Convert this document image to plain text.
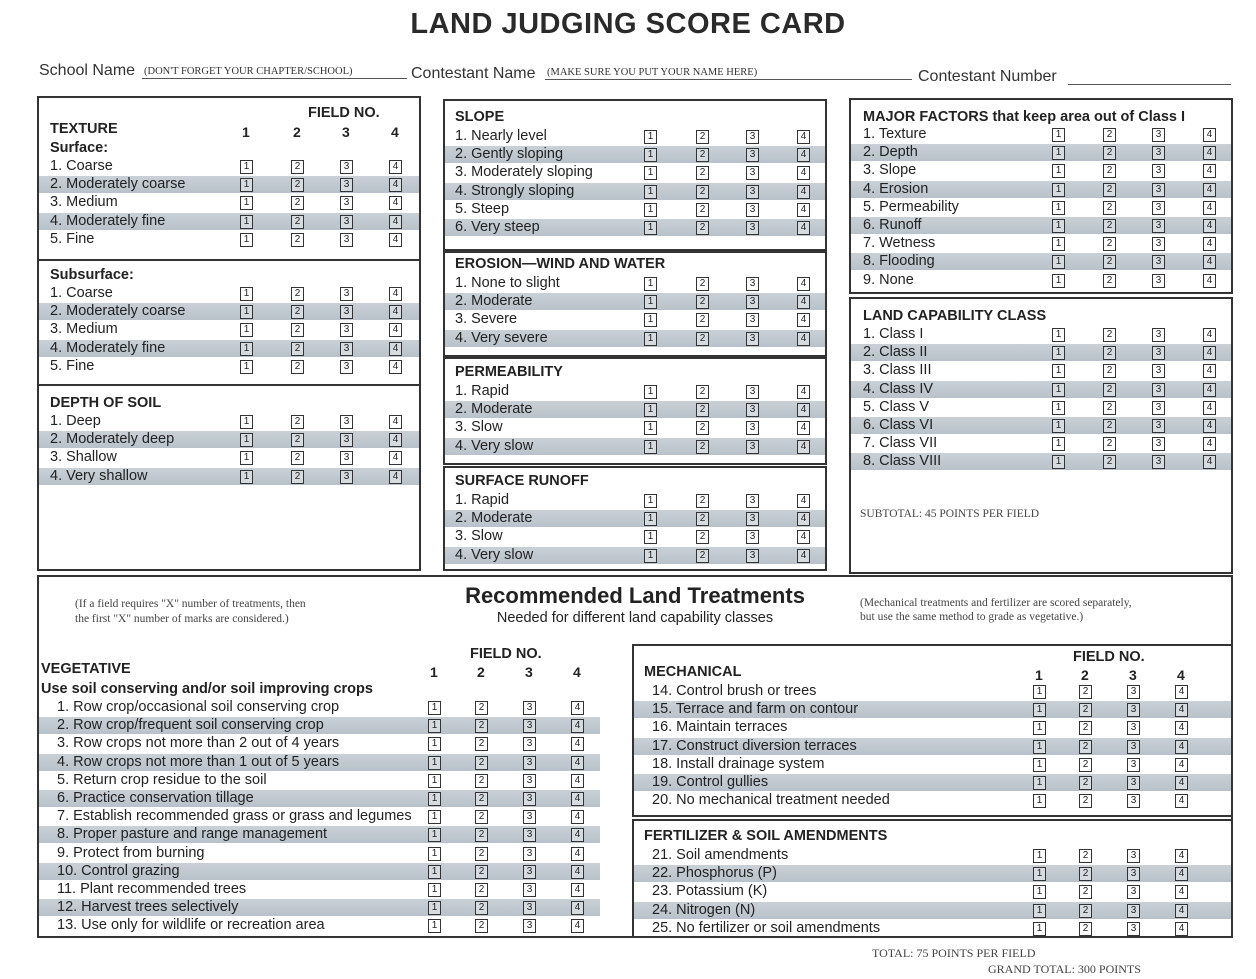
LAND JUDGING SCORE CARD
School Name (DON'T FORGET YOUR CHAPTER/SCHOOL)	Contestant Name (MAKE SURE YOU PUT YOUR NAME HERE)	Contestant Number
Recommended Land Treatments
Needed for different land capability classes
(If a field requires "X" number of treatments, then
the first "X" number of marks are considered.)
(Mechanical treatments and fertilizer are scored separately,
but use the same method to grade as vegetative.)
SUBTOTAL: 45 POINTS PER FIELD
TOTAL: 75 POINTS PER FIELD
GRAND TOTAL: 300 POINTS
TEXTURE
Surface:
FIELD NO.
1	2	3	4
1. Coarse	1	2	3	4
2. Moderately coarse	1	2	3	4
3. Medium	1	2	3	4
4. Moderately fine	1	2	3	4
5. Fine	1	2	3	4
Subsurface:
1. Coarse	1	2	3	4
2. Moderately coarse	1	2	3	4
3. Medium	1	2	3	4
4. Moderately fine	1	2	3	4
5. Fine	1	2	3	4
DEPTH OF SOIL
1. Deep	1	2	3	4
2. Moderately deep	1	2	3	4
3. Shallow	1	2	3	4
4. Very shallow	1	2	3	4
SLOPE
1. Nearly level	1	2	3	4
2. Gently sloping	1	2	3	4
3. Moderately sloping	1	2	3	4
4. Strongly sloping	1	2	3	4
5. Steep	1	2	3	4
6. Very steep	1	2	3	4
EROSION—WIND AND WATER
1. None to slight	1	2	3	4
2. Moderate	1	2	3	4
3. Severe	1	2	3	4
4. Very severe	1	2	3	4
PERMEABILITY
1. Rapid	1	2	3	4
2. Moderate	1	2	3	4
3. Slow	1	2	3	4
4. Very slow	1	2	3	4
SURFACE RUNOFF
1. Rapid	1	2	3	4
2. Moderate	1	2	3	4
3. Slow	1	2	3	4
4. Very slow	1	2	3	4
MAJOR FACTORS that keep area out of Class I
1. Texture	1	2	3	4
2. Depth	1	2	3	4
3. Slope	1	2	3	4
4. Erosion	1	2	3	4
5. Permeability	1	2	3	4
6. Runoff	1	2	3	4
7. Wetness	1	2	3	4
8. Flooding	1	2	3	4
9. None	1	2	3	4
LAND CAPABILITY CLASS
1. Class I	1	2	3	4
2. Class II	1	2	3	4
3. Class III	1	2	3	4
4. Class IV	1	2	3	4
5. Class V	1	2	3	4
6. Class VI	1	2	3	4
7. Class VII	1	2	3	4
8. Class VIII	1	2	3	4
VEGETATIVE
Use soil conserving and/or soil improving crops
FIELD NO.
1	2	3	4
1. Row crop/occasional soil conserving crop	1	2	3	4
2. Row crop/frequent soil conserving crop	1	2	3	4
3. Row crops not more than 2 out of 4 years	1	2	3	4
4. Row crops not more than 1 out of 5 years	1	2	3	4
5. Return crop residue to the soil	1	2	3	4
6. Practice conservation tillage	1	2	3	4
7. Establish recommended grass or grass and legumes	1	2	3	4
8. Proper pasture and range management	1	2	3	4
9. Protect from burning	1	2	3	4
10. Control grazing	1	2	3	4
11. Plant recommended trees	1	2	3	4
12. Harvest trees selectively	1	2	3	4
13. Use only for wildlife or recreation area	1	2	3	4
MECHANICAL
FIELD NO.
1	2	3	4
14. Control brush or trees	1	2	3	4
15. Terrace and farm on contour	1	2	3	4
16. Maintain terraces	1	2	3	4
17. Construct diversion terraces	1	2	3	4
18. Install drainage system	1	2	3	4
19. Control gullies	1	2	3	4
20. No mechanical treatment needed	1	2	3	4
FERTILIZER & SOIL AMENDMENTS
21. Soil amendments	1	2	3	4
22. Phosphorus (P)	1	2	3	4
23. Potassium (K)	1	2	3	4
24. Nitrogen (N)	1	2	3	4
25. No fertilizer or soil amendments	1	2	3	4
